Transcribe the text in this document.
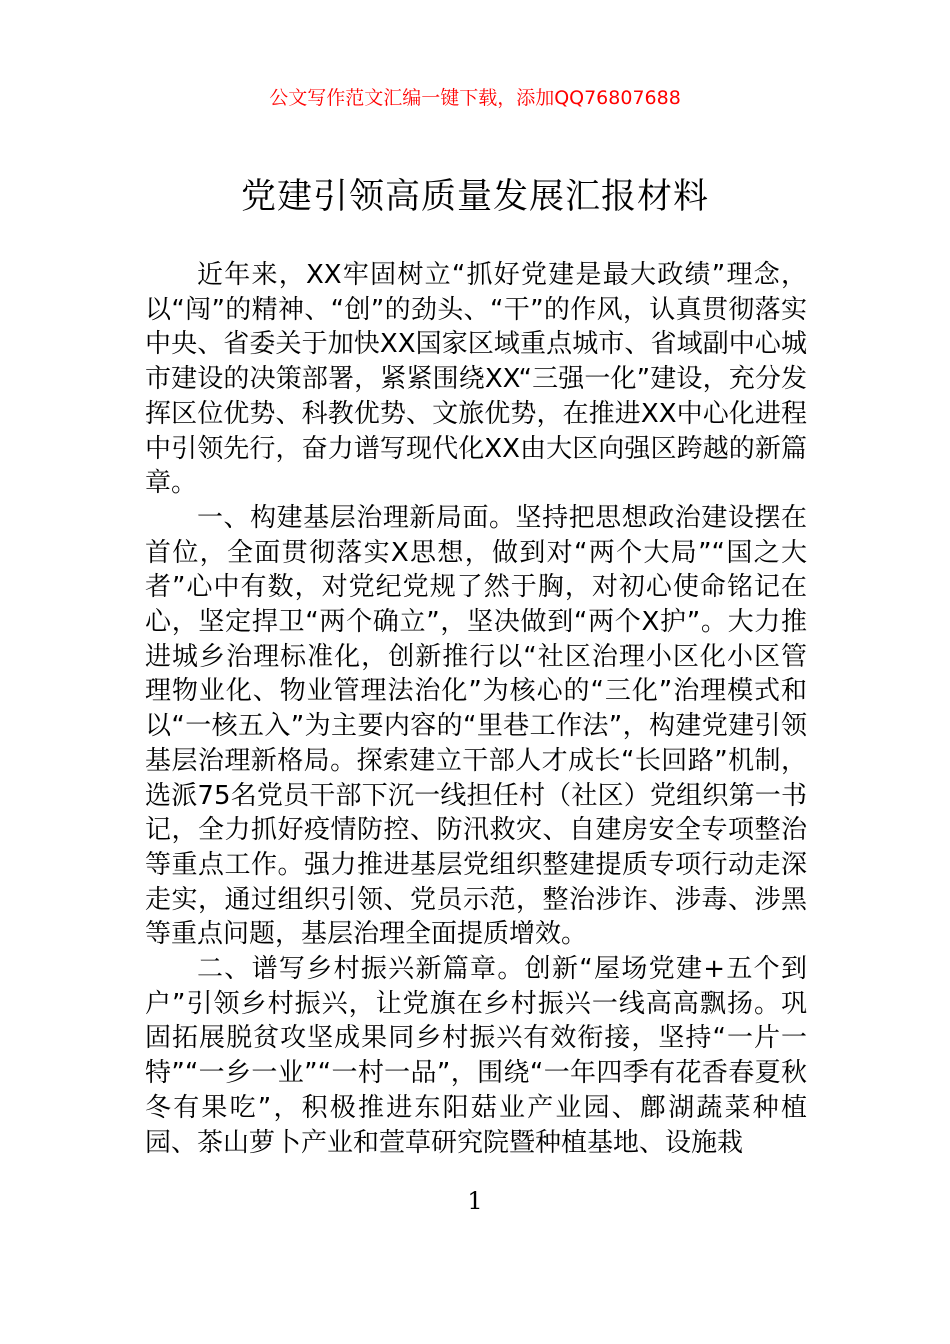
公文写作范文汇编一键下载，添加QQ76807688
党建引领高质量发展汇报材料

近年来，XX牢固树立“抓好党建是最大政绩”理念，以“闯”的精神、“创”的劲头、“干”的作风，认真贯彻落实中央、省委关于加快XX国家区域重点城市、省域副中心城市建设的决策部署，紧紧围绕XX“三强一化”建设，充分发挥区位优势、科教优势、文旅优势，在推进XX中心化进程中引领先行，奋力谱写现代化XX由大区向强区跨越的新篇章。

一、构建基层治理新局面。坚持把思想政治建设摆在首位，全面贯彻落实X思想，做到对“两个大局”“国之大者”心中有数，对党纪党规了然于胸，对初心使命铭记在心，坚定捍卫“两个确立”，坚决做到“两个X护”。大力推进城乡治理标准化，创新推行以“社区治理小区化小区管理物业化、物业管理法治化”为核心的“三化”治理模式和以“一核五入”为主要内容的“里巷工作法”，构建党建引领基层治理新格局。探索建立干部人才成长“长回路”机制，选派75名党员干部下沉一线担任村（社区）党组织第一书记，全力抓好疫情防控、防汛救灾、自建房安全专项整治等重点工作。强力推进基层党组织整建提质专项行动走深走实，通过组织引领、党员示范，整治涉诈、涉毒、涉黑等重点问题，基层治理全面提质增效。

二、谱写乡村振兴新篇章。创新“屋场党建+五个到户”引领乡村振兴，让党旗在乡村振兴一线高高飘扬。巩固拓展脱贫攻坚成果同乡村振兴有效衔接，坚持“一片一特”“一乡一业”“一村一品”，围绕“一年四季有花香春夏秋冬有果吃”，积极推进东阳菇业产业园、鄜湖蔬菜种植园、茶山萝卜产业和萱草研究院暨种植基地、设施栽

1
